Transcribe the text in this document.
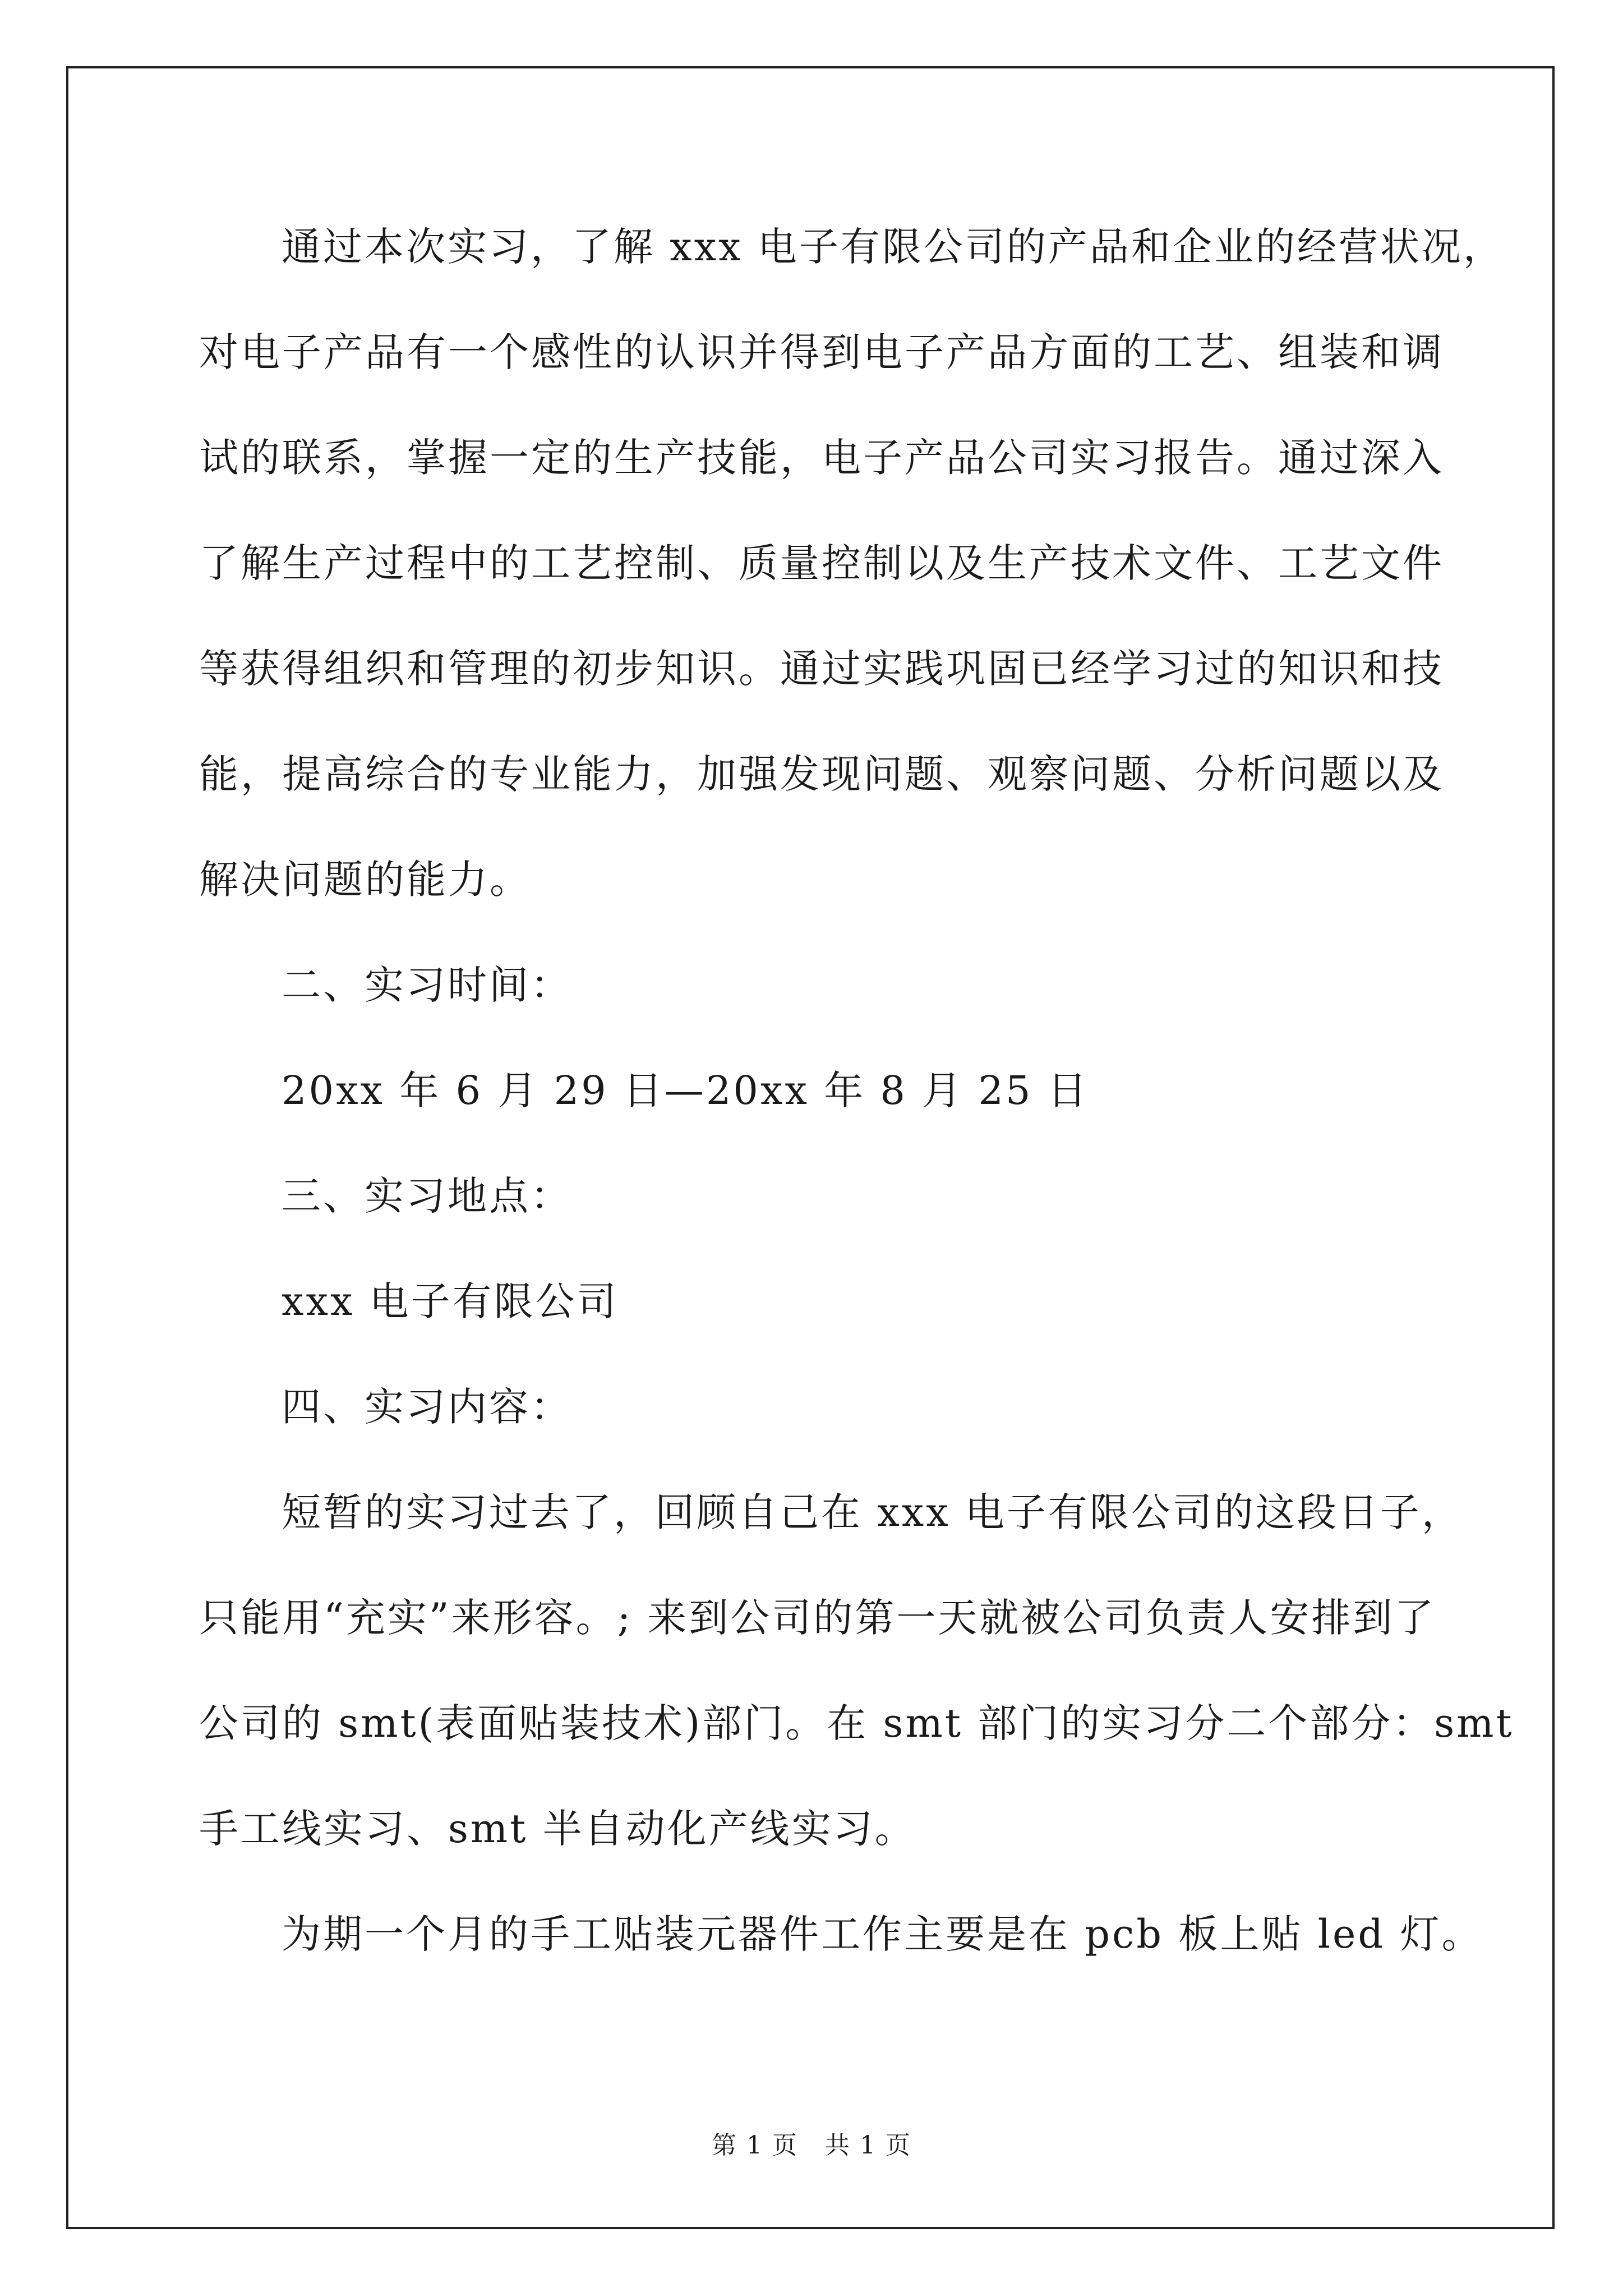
通过本次实习，了解 xxx 电子有限公司的产品和企业的经营状况，
对电子产品有一个感性的认识并得到电子产品方面的工艺、组装和调
试的联系，掌握一定的生产技能，电子产品公司实习报告。通过深入
了解生产过程中的工艺控制、质量控制以及生产技术文件、工艺文件
等获得组织和管理的初步知识。通过实践巩固已经学习过的知识和技
能，提高综合的专业能力，加强发现问题、观察问题、分析问题以及
解决问题的能力。
二、实习时间：
20xx 年 6 月 29 日—20xx 年 8 月 25 日
三、实习地点：
xxx 电子有限公司
四、实习内容：
短暂的实习过去了，回顾自己在 xxx 电子有限公司的这段日子，
只能用“充实”来形容。; 来到公司的第一天就被公司负责人安排到了
公司的 smt(表面贴装技术)部门。在 smt 部门的实习分二个部分：smt
手工线实习、smt 半自动化产线实习。
为期一个月的手工贴装元器件工作主要是在 pcb 板上贴 led 灯。
第 1 页   共 1 页
